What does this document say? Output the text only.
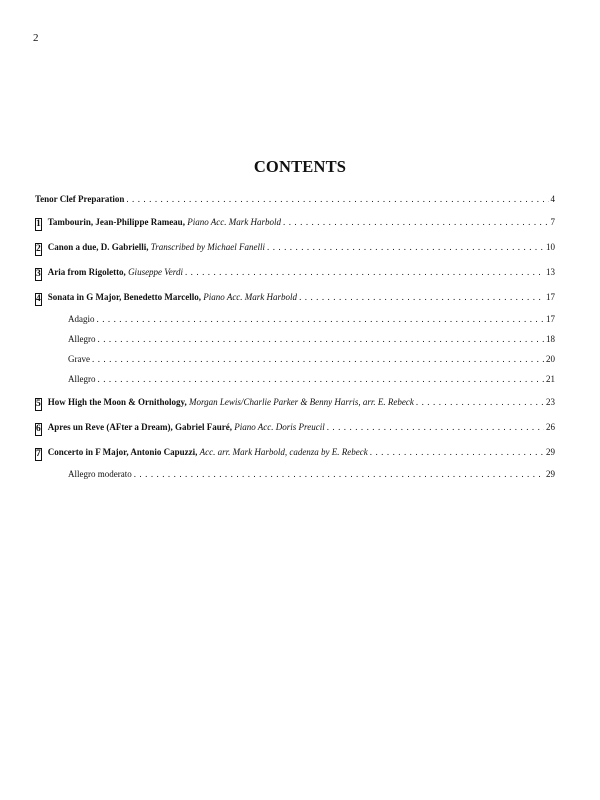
2
CONTENTS
Tenor Clef Preparation . . .	4
1 Tambourin, Jean-Philippe Rameau,
Piano Acc. Mark Harbold . . .	7
2 Canon a due, D. Gabrielli,
Transcribed by Michael Fanelli . . .	10
3 Aria from Rigoletto,
Giuseppe Verdi . . .	13
4 Sonata in G Major, Benedetto Marcello,
Piano Acc. Mark Harbold . . .	17
Adagio . . .	17
Allegro . . .	18
Grave . . .	20
Allegro . . .	21
5 How High the Moon & Ornithology,
Morgan Lewis/Charlie Parker & Benny Harris, arr. E. Rebeck . . .	23
6 Apres un Reve (AFter a Dream), Gabriel Fauré,
Piano Acc. Doris Preucil . . .	26
7 Concerto in F Major, Antonio Capuzzi,
Acc. arr. Mark Harbold, cadenza by E. Rebeck . . .	29
Allegro moderato . . .	29
